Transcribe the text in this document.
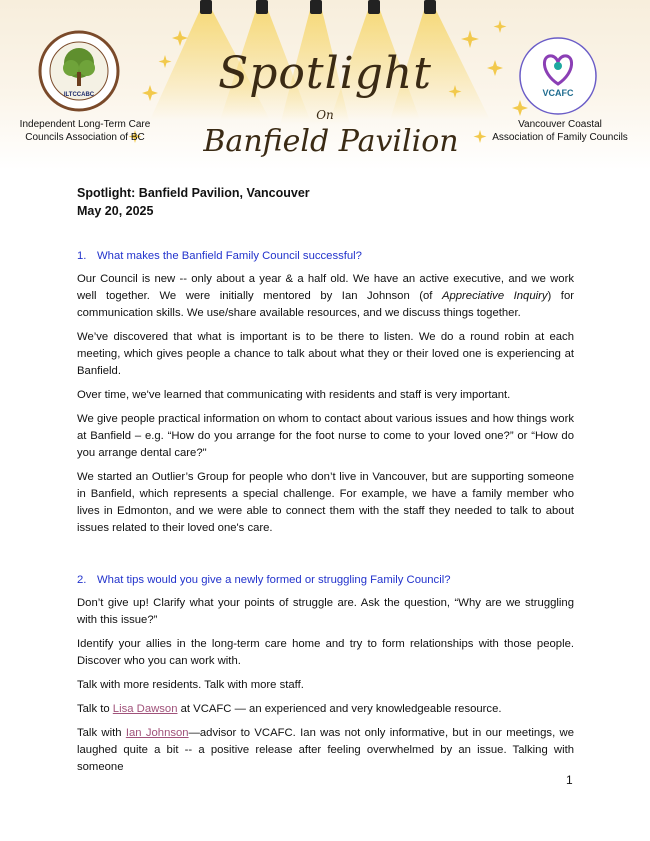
ILTCCABC	VCAFC
Independent Long-Term Care
Councils Association of BC
Vancouver Coastal
Association of Family Councils
Spotlight
On
Banfield Pavilion
Spotlight: Banfield Pavilion, Vancouver
May 20, 2025
1. What makes the Banfield Family Council successful?

Our Council is new -- only about a year & a half old. We have an active executive, and we work well together. We were initially mentored by Ian Johnson (of Appreciative Inquiry) for communication skills. We use/share available resources, and we discuss things together.

We’ve discovered that what is important is to be there to listen. We do a round robin at each meeting, which gives people a chance to talk about what they or their loved one is experiencing at Banfield.

Over time, we've learned that communicating with residents and staff is very important.

We give people practical information on whom to contact about various issues and how things work at Banfield – e.g. “How do you arrange for the foot nurse to come to your loved one?” or “How do you arrange dental care?"

We started an Outlier’s Group for people who don’t live in Vancouver, but are supporting someone in Banfield, which represents a special challenge. For example, we have a family member who lives in Edmonton, and we were able to connect them with the staff they needed to talk to about issues related to their loved one's care.

2. What tips would you give a newly formed or struggling Family Council?

Don’t give up! Clarify what your points of struggle are. Ask the question, “Why are we struggling with this issue?”

Identify your allies in the long-term care home and try to form relationships with those people. Discover who you can work with.

Talk with more residents. Talk with more staff.

Talk to Lisa Dawson at VCAFC — an experienced and very knowledgeable resource.

Talk with Ian Johnson—advisor to VCAFC. Ian was not only informative, but in our meetings, we laughed quite a bit -- a positive release after feeling overwhelmed by an issue. Talking with someone

1
